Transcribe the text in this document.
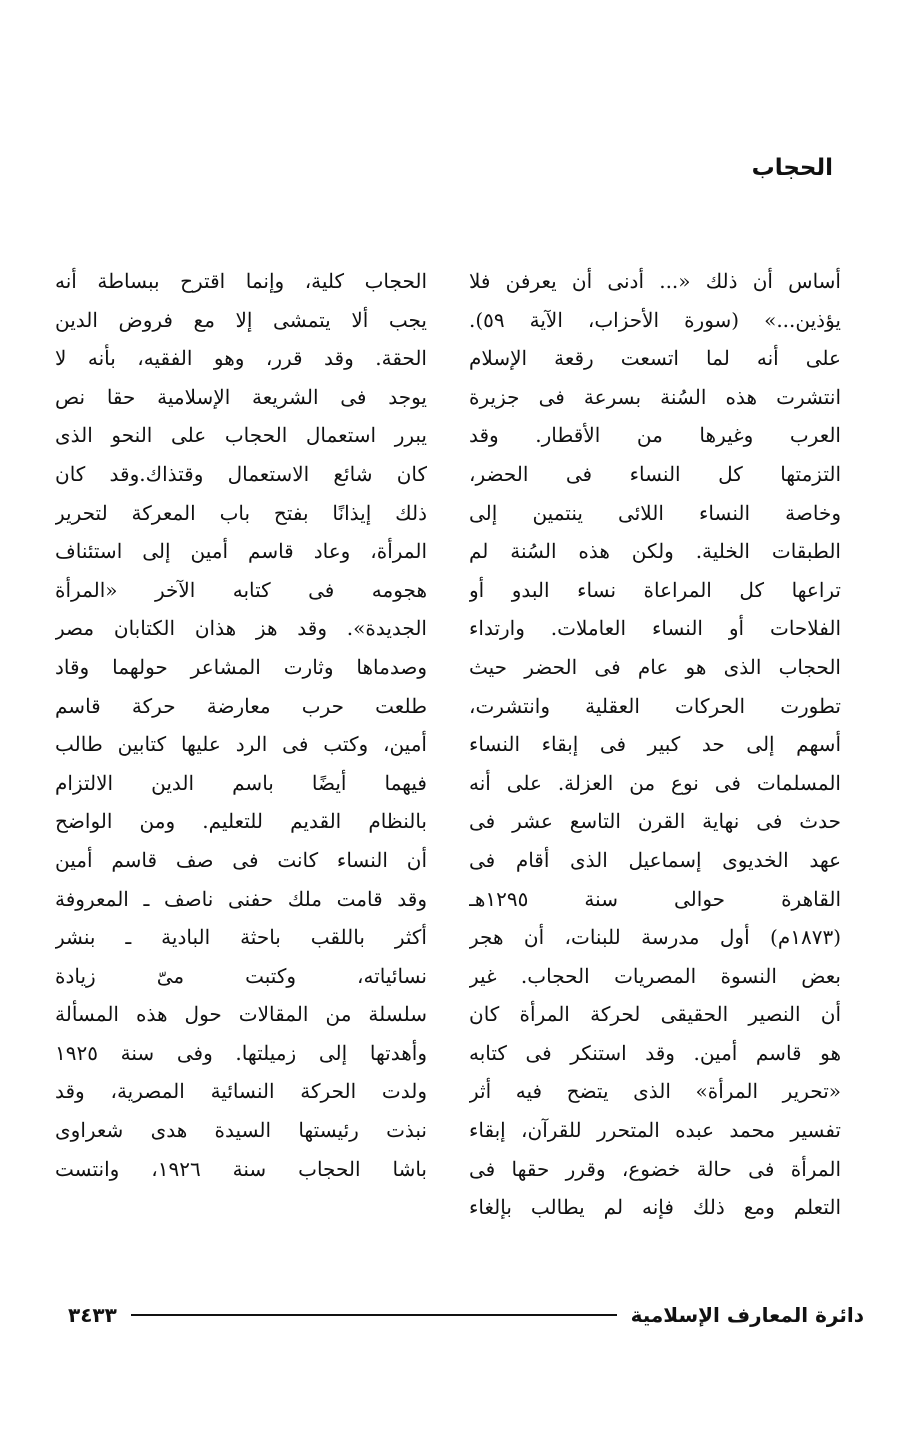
الحجاب
أساس أن ذلك «... أدنى أن يعرفن فلا
يؤذين...» (سورة الأحزاب، الآية ٥٩).
على أنه لما اتسعت رقعة الإسلام
انتشرت هذه السُنة بسرعة فى جزيرة
العرب وغيرها من الأقطار. وقد
التزمتها كل النساء فى الحضر،
وخاصة النساء اللائى ينتمين إلى
الطبقات الخلية. ولكن هذه السُنة لم
تراعها كل المراعاة نساء البدو أو
الفلاحات أو النساء العاملات. وارتداء
الحجاب الذى هو عام فى الحضر حيث
تطورت الحركات العقلية وانتشرت،
أسهم إلى حد كبير فى إبقاء النساء
المسلمات فى نوع من العزلة. على أنه
حدث فى نهاية القرن التاسع عشر فى
عهد الخديوى إسماعيل الذى أقام فى
القاهرة حوالى سنة ١٢٩٥هـ
(١٨٧٣م) أول مدرسة للبنات، أن هجر
بعض النسوة المصريات الحجاب. غير
أن النصير الحقيقى لحركة المرأة كان
هو قاسم أمين. وقد استنكر فى كتابه
«تحرير المرأة» الذى يتضح فيه أثر
تفسير محمد عبده المتحرر للقرآن، إبقاء
المرأة فى حالة خضوع، وقرر حقها فى
التعلم ومع ذلك فإنه لم يطالب بإلغاء
الحجاب كلية، وإنما اقترح ببساطة أنه
يجب ألا يتمشى إلا مع فروض الدين
الحقة. وقد قرر، وهو الفقيه، بأنه لا
يوجد فى الشريعة الإسلامية حقا نص
يبرر استعمال الحجاب على النحو الذى
كان شائع الاستعمال وقتذاك.وقد كان
ذلك إيذانًا بفتح باب المعركة لتحرير
المرأة، وعاد قاسم أمين إلى استئناف
هجومه فى كتابه الآخر «المرأة
الجديدة». وقد هز هذان الكتابان مصر
وصدماها وثارت المشاعر حولهما وقاد
طلعت حرب معارضة حركة قاسم
أمين، وكتب فى الرد عليها كتابين طالب
فيهما أيضًا باسم الدين الالتزام
بالنظام القديم للتعليم. ومن الواضح
أن النساء كانت فى صف قاسم أمين
وقد قامت ملك حفنى ناصف ـ المعروفة
أكثر باللقب باحثة البادية ـ بنشر
نسائياته، وكتبت مىّ زيادة
سلسلة من المقالات حول هذه المسألة
وأهدتها إلى زميلتها. وفى سنة ١٩٢٥
ولدت الحركة النسائية المصرية، وقد
نبذت رئيستها السيدة هدى شعراوى
باشا الحجاب سنة ١٩٢٦، وانتست
دائرة المعارف الإسلامية
٣٤٣٣
